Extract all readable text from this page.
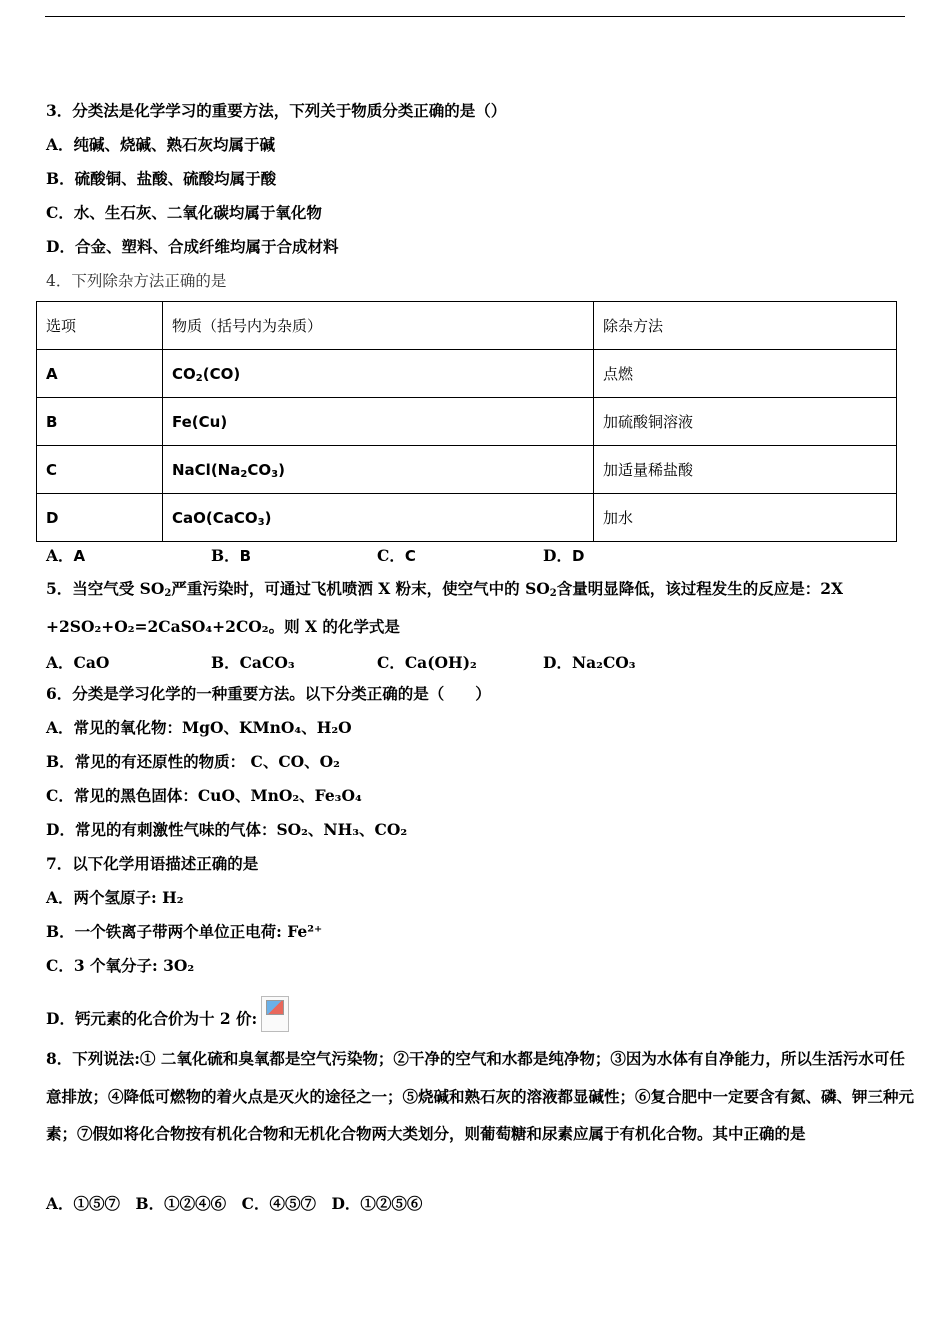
3．分类法是化学学习的重要方法，下列关于物质分类正确的是（）
A．纯碱、烧碱、熟石灰均属于碱
B．硫酸铜、盐酸、硫酸均属于酸
C．水、生石灰、二氧化碳均属于氧化物
D．合金、塑料、合成纤维均属于合成材料
4．下列除杂方法正确的是
选项	物质（括号内为杂质）	除杂方法
A	$CO_2(CO)$	点燃
B	Fe(Cu)	加硫酸铜溶液
C	$NaCl(Na_2CO_3)$	加适量稀盐酸
D	CaO(CaCO$_3$)	加水
A．A	B．B	C．C	D．D
5．当空气受 $SO_2$严重污染时，可通过飞机喷洒 X 粉末，使空气中的 $SO_2$含量明显降低，该过程发生的反应是：2X
+2SO₂+O₂=2CaSO₄+2CO₂。则 X 的化学式是
A．CaO	B．CaCO₃	C．Ca(OH)₂	D．Na₂CO₃
6．分类是学习化学的一种重要方法。以下分类正确的是（　　）
A．常见的氧化物：MgO、KMnO₄、H₂O
B．常见的有还原性的物质： C、CO、O₂
C．常见的黑色固体：CuO、MnO₂、Fe₃O₄
D．常见的有刺激性气味的气体：SO₂、NH₃、CO₂
7．以下化学用语描述正确的是
A．两个氢原子: H₂
B．一个铁离子带两个单位正电荷: Fe²⁺
C．3 个氧分子: 3O₂
D．钙元素的化合价为十 2 价:
8．下列说法:① 二氧化硫和臭氧都是空气污染物；②干净的空气和水都是纯净物；③因为水体有自净能力，所以生活污水可任意排放；④降低可燃物的着火点是灭火的途径之一；⑤烧碱和熟石灰的溶液都显碱性；⑥复合肥中一定要含有氮、磷、钾三种元素；⑦假如将化合物按有机化合物和无机化合物两大类划分，则葡萄糖和尿素应属于有机化合物。其中正确的是
A．①⑤⑦　B．①②④⑥　C．④⑤⑦　D．①②⑤⑥
